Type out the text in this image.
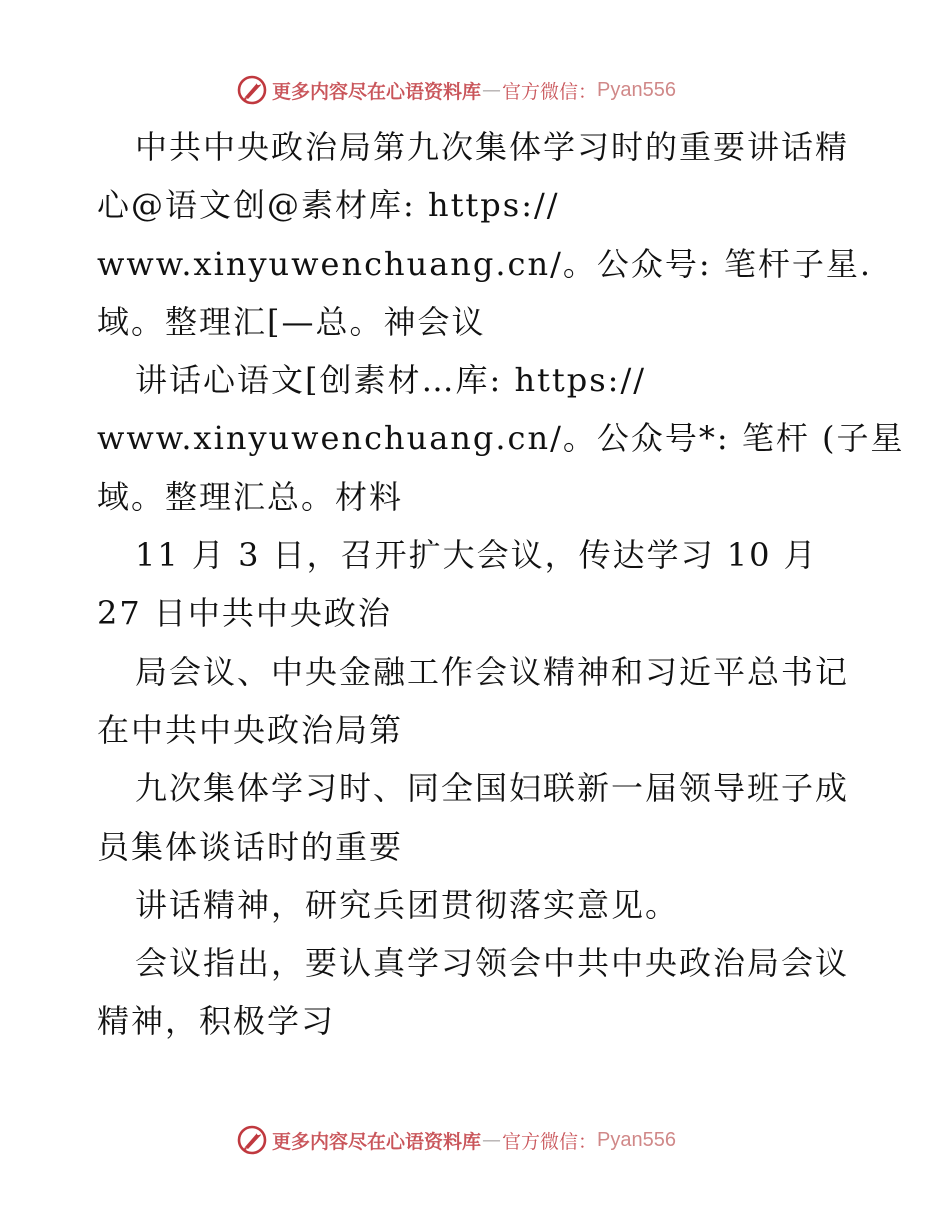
更多内容尽在心语资料库 — 官方微信： Pyan556
中共中央政治局第九次集体学习时的重要讲话精
心@语文创@素材库: https://
www.xinyuwenchuang.cn/。公众号: 笔杆子星.
域。整理汇[—总。神会议
讲话心语文[创素材…库: https://
www.xinyuwenchuang.cn/。公众号*: 笔杆 (子星
域。整理汇总。材料
11 月 3 日，召开扩大会议，传达学习 10 月
27 日中共中央政治
局会议、中央金融工作会议精神和习近平总书记
在中共中央政治局第
九次集体学习时、同全国妇联新一届领导班子成
员集体谈话时的重要
讲话精神，研究兵团贯彻落实意见。
会议指出，要认真学习领会中共中央政治局会议
精神，积极学习
更多内容尽在心语资料库 — 官方微信： Pyan556
